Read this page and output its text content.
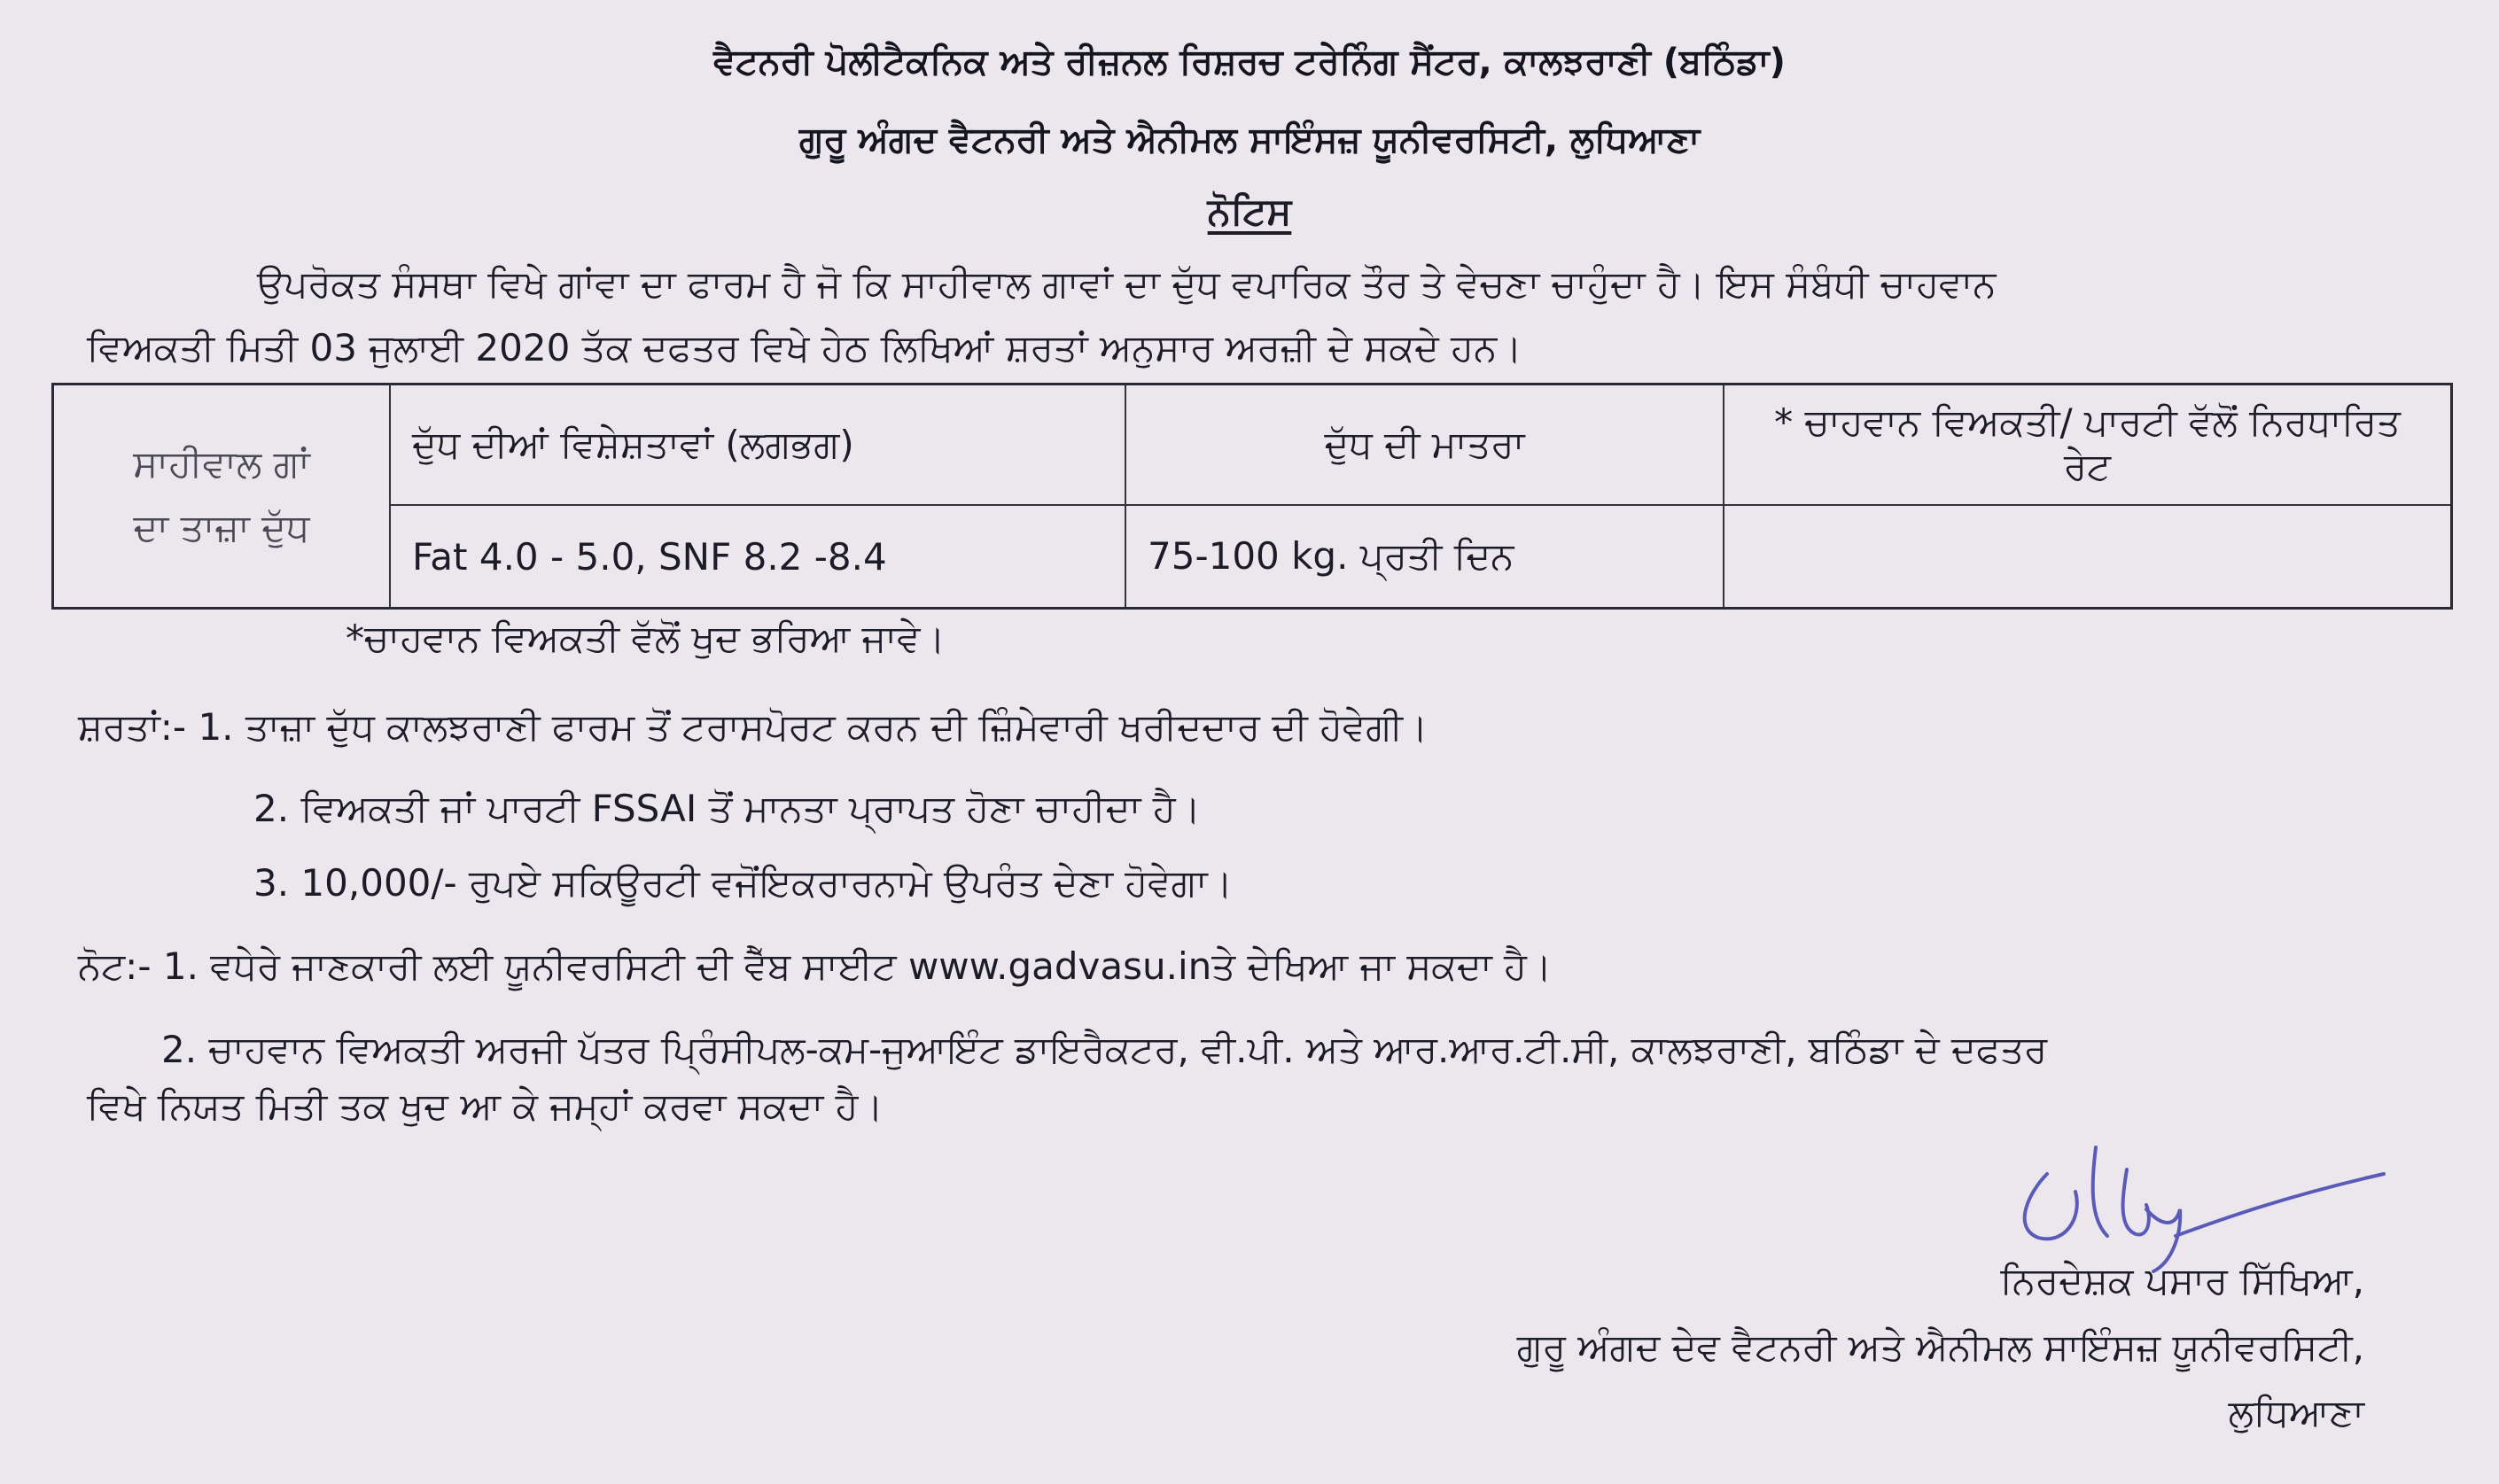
ਵੈਟਨਰੀ ਪੋਲੀਟੈਕਨਿਕ ਅਤੇ ਰੀਜ਼ਨਲ ਰਿਸ਼ਰਚ ਟਰੇਨਿੰਗ ਸੈਂਟਰ, ਕਾਲਝਰਾਣੀ (ਬਠਿੰਡਾ)
ਗੁਰੂ ਅੰਗਦ ਵੈਟਨਰੀ ਅਤੇ ਐਨੀਮਲ ਸਾਇੰਸਜ਼ ਯੂਨੀਵਰਸਿਟੀ, ਲੁਧਿਆਣਾ
ਨੋਟਿਸ
ਉਪਰੋਕਤ ਸੰਸਥਾ ਵਿਖੇ ਗਾਂਵਾ ਦਾ ਫਾਰਮ ਹੈ ਜੋ ਕਿ ਸਾਹੀਵਾਲ ਗਾਵਾਂ ਦਾ ਦੁੱਧ ਵਪਾਰਿਕ ਤੌਰ ਤੇ ਵੇਚਣਾ ਚਾਹੁੰਦਾ ਹੈ। ਇਸ ਸੰਬੰਧੀ ਚਾਹਵਾਨ
ਵਿਅਕਤੀ ਮਿਤੀ 03 ਜੁਲਾਈ 2020 ਤੱਕ ਦਫਤਰ ਵਿਖੇ ਹੇਠ ਲਿਖਿਆਂ ਸ਼ਰਤਾਂ ਅਨੁਸਾਰ ਅਰਜ਼ੀ ਦੇ ਸਕਦੇ ਹਨ।
ਸਾਹੀਵਾਲ ਗਾਂ
ਦਾ ਤਾਜ਼ਾ ਦੁੱਧ	ਦੁੱਧ ਦੀਆਂ ਵਿਸ਼ੇਸ਼ਤਾਵਾਂ (ਲਗਭਗ)	ਦੁੱਧ ਦੀ ਮਾਤਰਾ	* ਚਾਹਵਾਨ ਵਿਅਕਤੀ/ ਪਾਰਟੀ ਵੱਲੋਂ ਨਿਰਧਾਰਿਤ ਰੇਟ
	Fat 4.0 - 5.0, SNF 8.2 -8.4	75-100 kg. ਪ੍ਰਤੀ ਦਿਨ	
*ਚਾਹਵਾਨ ਵਿਅਕਤੀ ਵੱਲੋਂ ਖੁਦ ਭਰਿਆ ਜਾਵੇ।
ਸ਼ਰਤਾਂ:- 1. ਤਾਜ਼ਾ ਦੁੱਧ ਕਾਲਝਰਾਣੀ ਫਾਰਮ ਤੋਂ ਟਰਾਸਪੋਰਟ ਕਰਨ ਦੀ ਜ਼ਿੰਮੇਵਾਰੀ ਖਰੀਦਦਾਰ ਦੀ ਹੋਵੇਗੀ।
2. ਵਿਅਕਤੀ ਜਾਂ ਪਾਰਟੀ FSSAI ਤੋਂ ਮਾਨਤਾ ਪ੍ਰਾਪਤ ਹੋਣਾ ਚਾਹੀਦਾ ਹੈ।
3. 10,000/- ਰੁਪਏ ਸਕਿਊਰਟੀ ਵਜੋਂਇਕਰਾਰਨਾਮੇ ਉਪਰੰਤ ਦੇਣਾ ਹੋਵੇਗਾ।
ਨੋਟ:- 1. ਵਧੇਰੇ ਜਾਣਕਾਰੀ ਲਈ ਯੂਨੀਵਰਸਿਟੀ ਦੀ ਵੈੱਬ ਸਾਈਟ www.gadvasu.inਤੇ ਦੇਖਿਆ ਜਾ ਸਕਦਾ ਹੈ।
2. ਚਾਹਵਾਨ ਵਿਅਕਤੀ ਅਰਜੀ ਪੱਤਰ ਪ੍ਰਿੰਸੀਪਲ-ਕਮ-ਜੁਆਇੰਟ ਡਾਇਰੈਕਟਰ, ਵੀ.ਪੀ. ਅਤੇ ਆਰ.ਆਰ.ਟੀ.ਸੀ, ਕਾਲਝਰਾਣੀ, ਬਠਿੰਡਾ ਦੇ ਦਫਤਰ
ਵਿਖੇ ਨਿਯਤ ਮਿਤੀ ਤਕ ਖੁਦ ਆ ਕੇ ਜਮ੍ਹਾਂ ਕਰਵਾ ਸਕਦਾ ਹੈ।
ਨਿਰਦੇਸ਼ਕ ਪਸਾਰ ਸਿੱਖਿਆ,
ਗੁਰੂ ਅੰਗਦ ਦੇਵ ਵੈਟਨਰੀ ਅਤੇ ਐਨੀਮਲ ਸਾਇੰਸਜ਼ ਯੂਨੀਵਰਸਿਟੀ,
ਲੁਧਿਆਣਾ
